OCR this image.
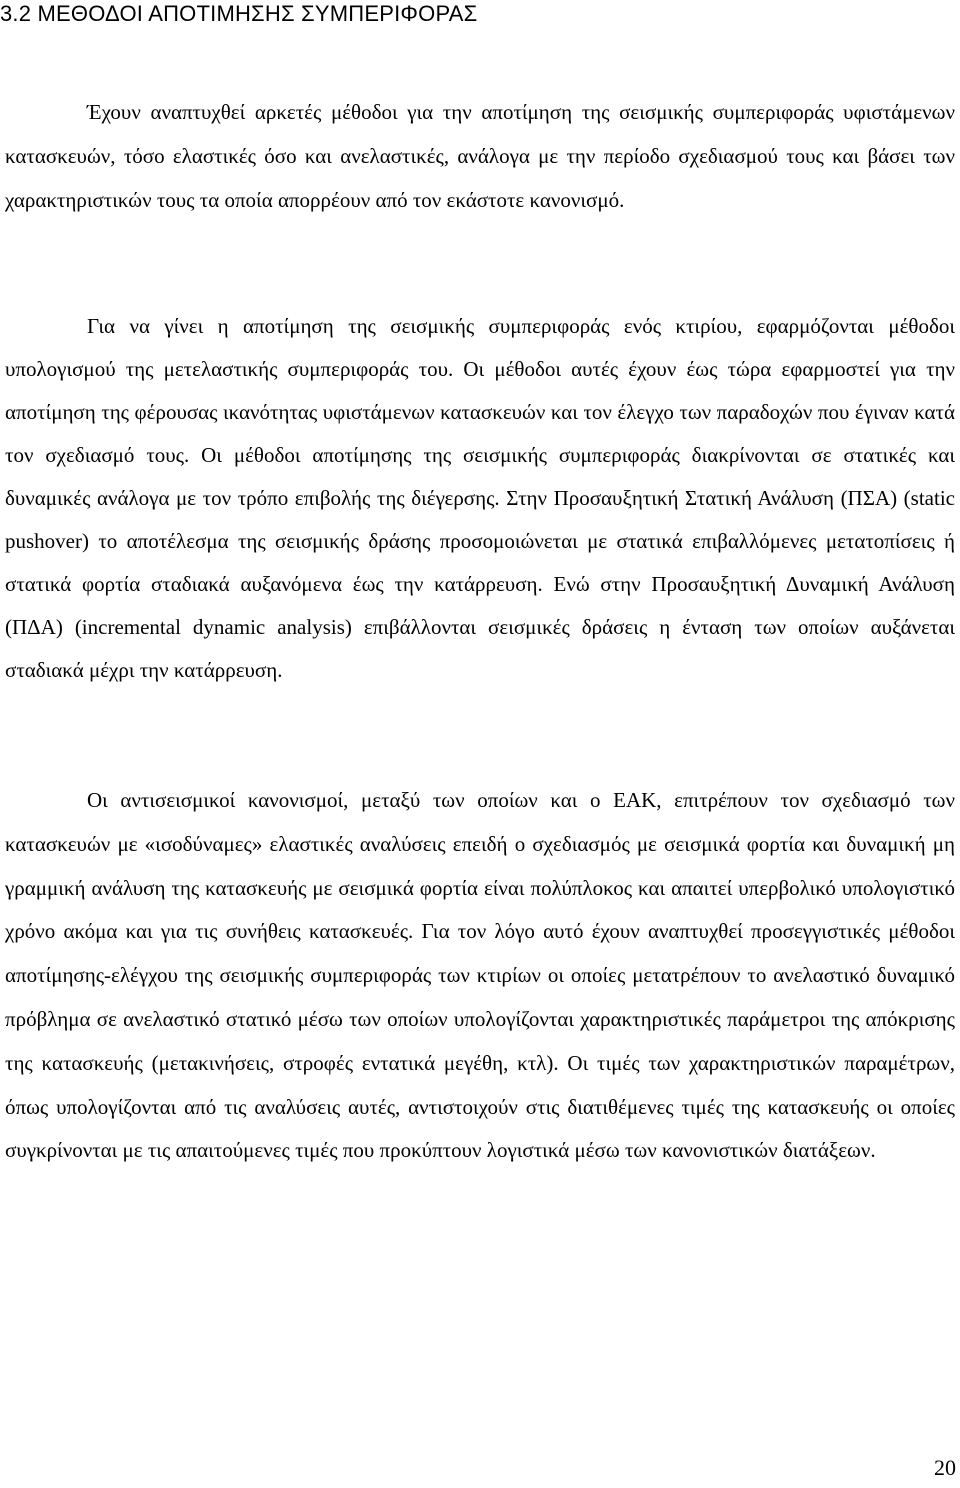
3.2 ΜΕΘΟΔΟΙ ΑΠΟΤΙΜΗΣΗΣ ΣΥΜΠΕΡΙΦΟΡΑΣ

Έχουν αναπτυχθεί αρκετές μέθοδοι για την αποτίμηση της σεισμικής συμπεριφοράς υφιστάμενων κατασκευών, τόσο ελαστικές όσο και ανελαστικές, ανάλογα με την περίοδο σχεδιασμού τους και βάσει των χαρακτηριστικών τους τα οποία απορρέουν από τον εκάστοτε κανονισμό.

Για να γίνει η αποτίμηση της σεισμικής συμπεριφοράς ενός κτιρίου, εφαρμόζονται μέθοδοι υπολογισμού της μετελαστικής συμπεριφοράς του. Οι μέθοδοι αυτές έχουν έως τώρα εφαρμοστεί για την αποτίμηση της φέρουσας ικανότητας υφιστάμενων κατασκευών και τον έλεγχο των παραδοχών που έγιναν κατά τον σχεδιασμό τους. Οι μέθοδοι αποτίμησης της σεισμικής συμπεριφοράς διακρίνονται σε στατικές και δυναμικές ανάλογα με τον τρόπο επιβολής της διέγερσης. Στην Προσαυξητική Στατική Ανάλυση (ΠΣΑ) (static pushover) το αποτέλεσμα της σεισμικής δράσης προσομοιώνεται με στατικά επιβαλλόμενες μετατοπίσεις ή στατικά φορτία σταδιακά αυξανόμενα έως την κατάρρευση. Ενώ στην Προσαυξητική Δυναμική Ανάλυση (ΠΔΑ) (incremental dynamic analysis) επιβάλλονται σεισμικές δράσεις η ένταση των οποίων αυξάνεται σταδιακά μέχρι την κατάρρευση.

Οι αντισεισμικοί κανονισμοί, μεταξύ των οποίων και ο ΕΑΚ, επιτρέπουν τον σχεδιασμό των κατασκευών με «ισοδύναμες» ελαστικές αναλύσεις επειδή ο σχεδιασμός με σεισμικά φορτία και δυναμική μη γραμμική ανάλυση της κατασκευής με σεισμικά φορτία είναι πολύπλοκος και απαιτεί υπερβολικό υπολογιστικό χρόνο ακόμα και για τις συνήθεις κατασκευές. Για τον λόγο αυτό έχουν αναπτυχθεί προσεγγιστικές μέθοδοι αποτίμησης-ελέγχου της σεισμικής συμπεριφοράς των κτιρίων οι οποίες μετατρέπουν το ανελαστικό δυναμικό πρόβλημα σε ανελαστικό στατικό μέσω των οποίων υπολογίζονται χαρακτηριστικές παράμετροι της απόκρισης της κατασκευής (μετακινήσεις, στροφές εντατικά μεγέθη, κτλ). Οι τιμές των χαρακτηριστικών παραμέτρων, όπως υπολογίζονται από τις αναλύσεις αυτές, αντιστοιχούν στις διατιθέμενες τιμές της κατασκευής οι οποίες συγκρίνονται με τις απαιτούμενες τιμές που προκύπτουν λογιστικά μέσω των κανονιστικών διατάξεων.

20
